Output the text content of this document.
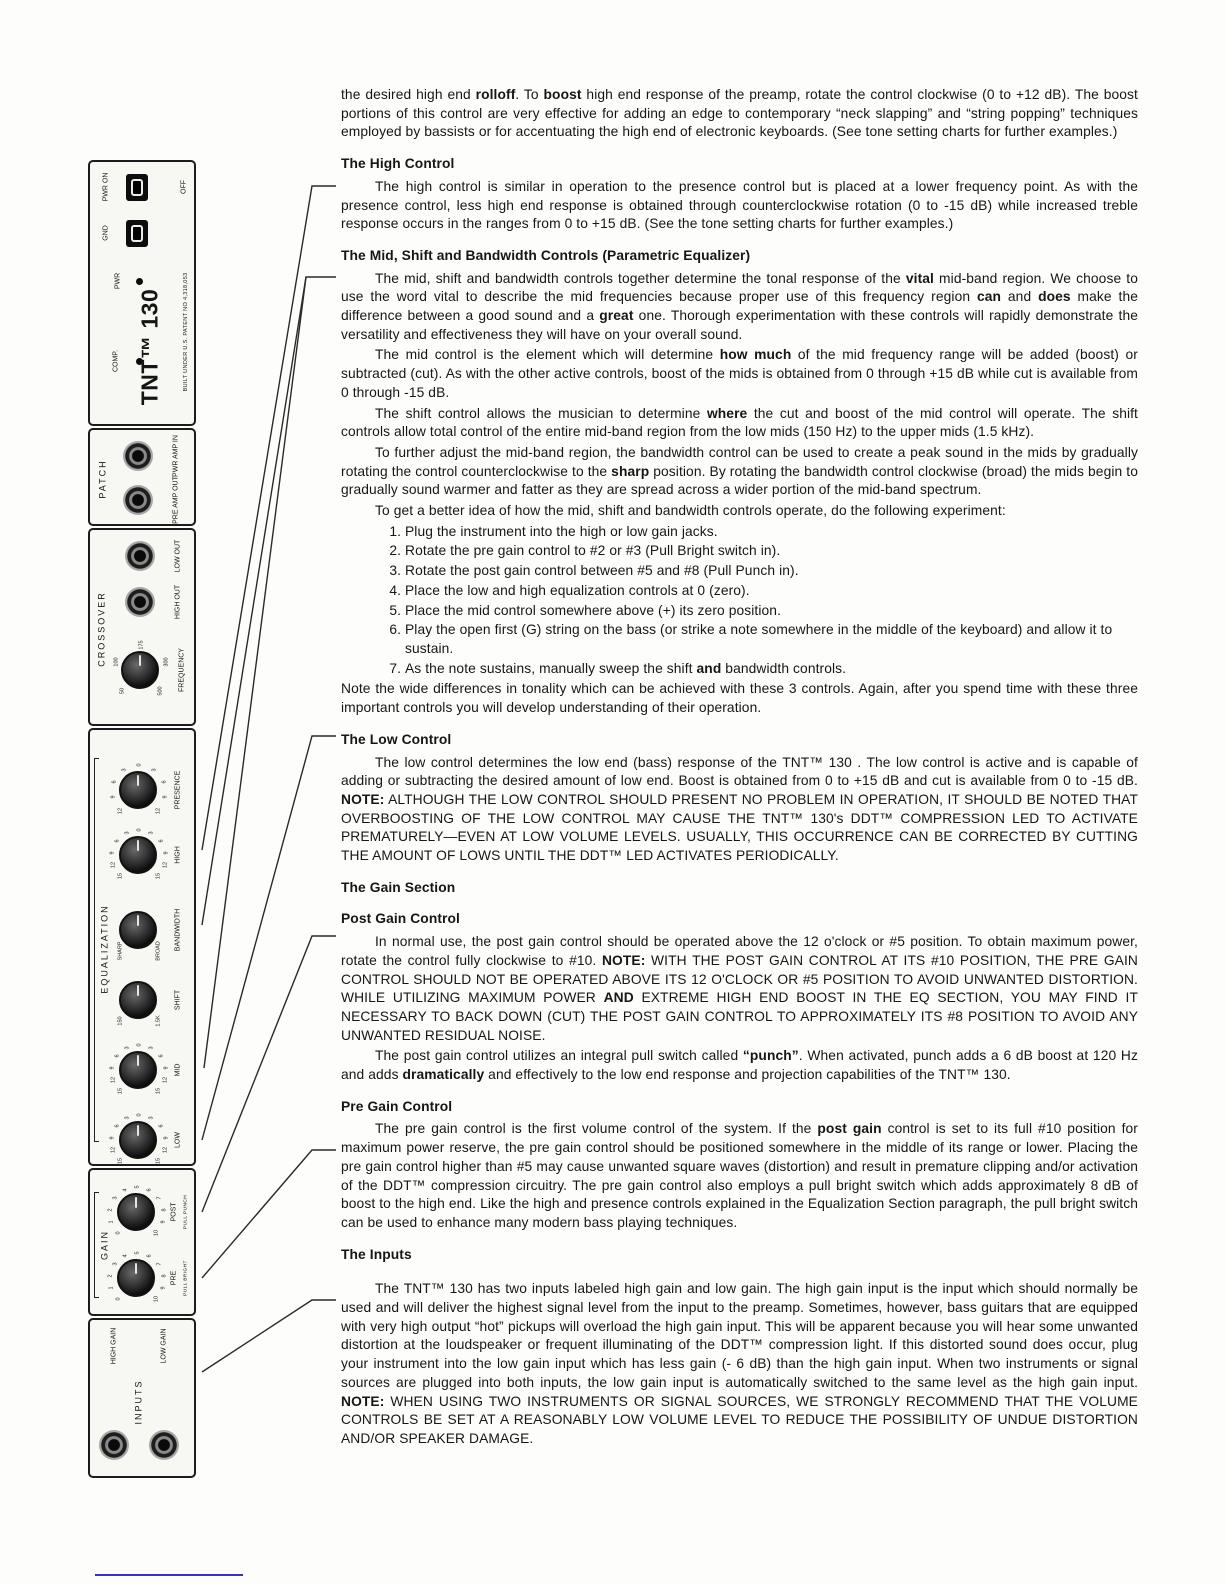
PWR ON	OFF
GND
PWR
COMP. TNT™ 130	BUILT UNDER U.S. PATENT NO 4,318,053
PATCH
PWR AMP IN
PRE AMP OUT
CROSSOVER
LOW OUT
HIGH OUT
50
100
175
300
500 FREQUENCY
EQUALIZATION
12
9
6
3
0
3
6
9
12
PRESENCE
15
12
9
6
3
0
3
6
9
12
15
HIGH
SHARP	BROAD BANDWIDTH
150	1.5K
SHIFT
15
12
9
6
3
0
3
6
9
12
15
MID
15
12
9
6
3
0
3
6
9
12
15
LOW
GAIN 0
1
2
3
4
5
6
7
8
9
10
POST PULL PUNCH
0
1
2
3
4
5
6
7
8
9
10
PRE PULL BRIGHT
HIGH GAIN	LOW GAIN
INPUTS

the desired high end rolloff. To boost high end response of the preamp, rotate the control clockwise (0 to +12 dB). The boost portions of this control are very effective for adding an edge to contemporary “neck slapping” and “string popping” techniques employed by bassists or for accentuating the high end of electronic keyboards. (See tone setting charts for further examples.)

The High Control

The high control is similar in operation to the presence control but is placed at a lower frequency point. As with the presence control, less high end response is obtained through counterclockwise rotation (0 to -15 dB) while increased treble response occurs in the ranges from 0 to +15 dB. (See the tone setting charts for further examples.)

The Mid, Shift and Bandwidth Controls (Parametric Equalizer)

The mid, shift and bandwidth controls together determine the tonal response of the vital mid-band region. We choose to use the word vital to describe the mid frequencies because proper use of this frequency region can and does make the difference between a good sound and a great one. Thorough experimentation with these controls will rapidly demonstrate the versatility and effectiveness they will have on your overall sound.

The mid control is the element which will determine how much of the mid frequency range will be added (boost) or subtracted (cut). As with the other active controls, boost of the mids is obtained from 0 through +15 dB while cut is available from 0 through -15 dB.

The shift control allows the musician to determine where the cut and boost of the mid control will operate. The shift controls allow total control of the entire mid-band region from the low mids (150 Hz) to the upper mids (1.5 kHz).

To further adjust the mid-band region, the bandwidth control can be used to create a peak sound in the mids by gradually rotating the control counterclockwise to the sharp position. By rotating the bandwidth control clockwise (broad) the mids begin to gradually sound warmer and fatter as they are spread across a wider portion of the mid-band spectrum.

To get a better idea of how the mid, shift and bandwidth controls operate, do the following experiment:

1. Plug the instrument into the high or low gain jacks.
2. Rotate the pre gain control to #2 or #3 (Pull Bright switch in).
3. Rotate the post gain control between #5 and #8 (Pull Punch in).
4. Place the low and high equalization controls at 0 (zero).
5. Place the mid control somewhere above (+) its zero position.
6. Play the open first (G) string on the bass (or strike a note somewhere in the middle of the keyboard) and allow it to sustain.
7. As the note sustains, manually sweep the shift and bandwidth controls.

Note the wide differences in tonality which can be achieved with these 3 controls. Again, after you spend time with these three important controls you will develop understanding of their operation.

The Low Control

The low control determines the low end (bass) response of the TNT™ 130 . The low control is active and is capable of adding or subtracting the desired amount of low end. Boost is obtained from 0 to +15 dB and cut is available from 0 to -15 dB. NOTE: ALTHOUGH THE LOW CONTROL SHOULD PRESENT NO PROBLEM IN OPERATION, IT SHOULD BE NOTED THAT OVERBOOSTING OF THE LOW CONTROL MAY CAUSE THE TNT™ 130's DDT™ COMPRESSION LED TO ACTIVATE PREMATURELY—EVEN AT LOW VOLUME LEVELS. USUALLY, THIS OCCURRENCE CAN BE CORRECTED BY CUTTING THE AMOUNT OF LOWS UNTIL THE DDT™ LED ACTIVATES PERIODICALLY.

The Gain Section
Post Gain Control

In normal use, the post gain control should be operated above the 12 o'clock or #5 position. To obtain maximum power, rotate the control fully clockwise to #10. NOTE: WITH THE POST GAIN CONTROL AT ITS #10 POSITION, THE PRE GAIN CONTROL SHOULD NOT BE OPERATED ABOVE ITS 12 O'CLOCK OR #5 POSITION TO AVOID UNWANTED DISTORTION. WHILE UTILIZING MAXIMUM POWER AND EXTREME HIGH END BOOST IN THE EQ SECTION, YOU MAY FIND IT NECESSARY TO BACK DOWN (CUT) THE POST GAIN CONTROL TO APPROXIMATELY ITS #8 POSITION TO AVOID ANY UNWANTED RESIDUAL NOISE.

The post gain control utilizes an integral pull switch called “punch”. When activated, punch adds a 6 dB boost at 120 Hz and adds dramatically and effectively to the low end response and projection capabilities of the TNT™ 130.

Pre Gain Control

The pre gain control is the first volume control of the system. If the post gain control is set to its full #10 position for maximum power reserve, the pre gain control should be positioned somewhere in the middle of its range or lower. Placing the pre gain control higher than #5 may cause unwanted square waves (distortion) and result in premature clipping and/or activation of the DDT™ compression circuitry. The pre gain control also employs a pull bright switch which adds approximately 8 dB of boost to the high end. Like the high and presence controls explained in the Equalization Section paragraph, the pull bright switch can be used to enhance many modern bass playing techniques.

The Inputs

The TNT™ 130 has two inputs labeled high gain and low gain. The high gain input is the input which should normally be used and will deliver the highest signal level from the input to the preamp. Sometimes, however, bass guitars that are equipped with very high output “hot” pickups will overload the high gain input. This will be apparent because you will hear some unwanted distortion at the loudspeaker or frequent illuminating of the DDT™ compression light. If this distorted sound does occur, plug your instrument into the low gain input which has less gain (- 6 dB) than the high gain input. When two instruments or signal sources are plugged into both inputs, the low gain input is automatically switched to the same level as the high gain input. NOTE: WHEN USING TWO INSTRUMENTS OR SIGNAL SOURCES, WE STRONGLY RECOMMEND THAT THE VOLUME CONTROLS BE SET AT A REASONABLY LOW VOLUME LEVEL TO REDUCE THE POSSIBILITY OF UNDUE DISTORTION AND/OR SPEAKER DAMAGE.
